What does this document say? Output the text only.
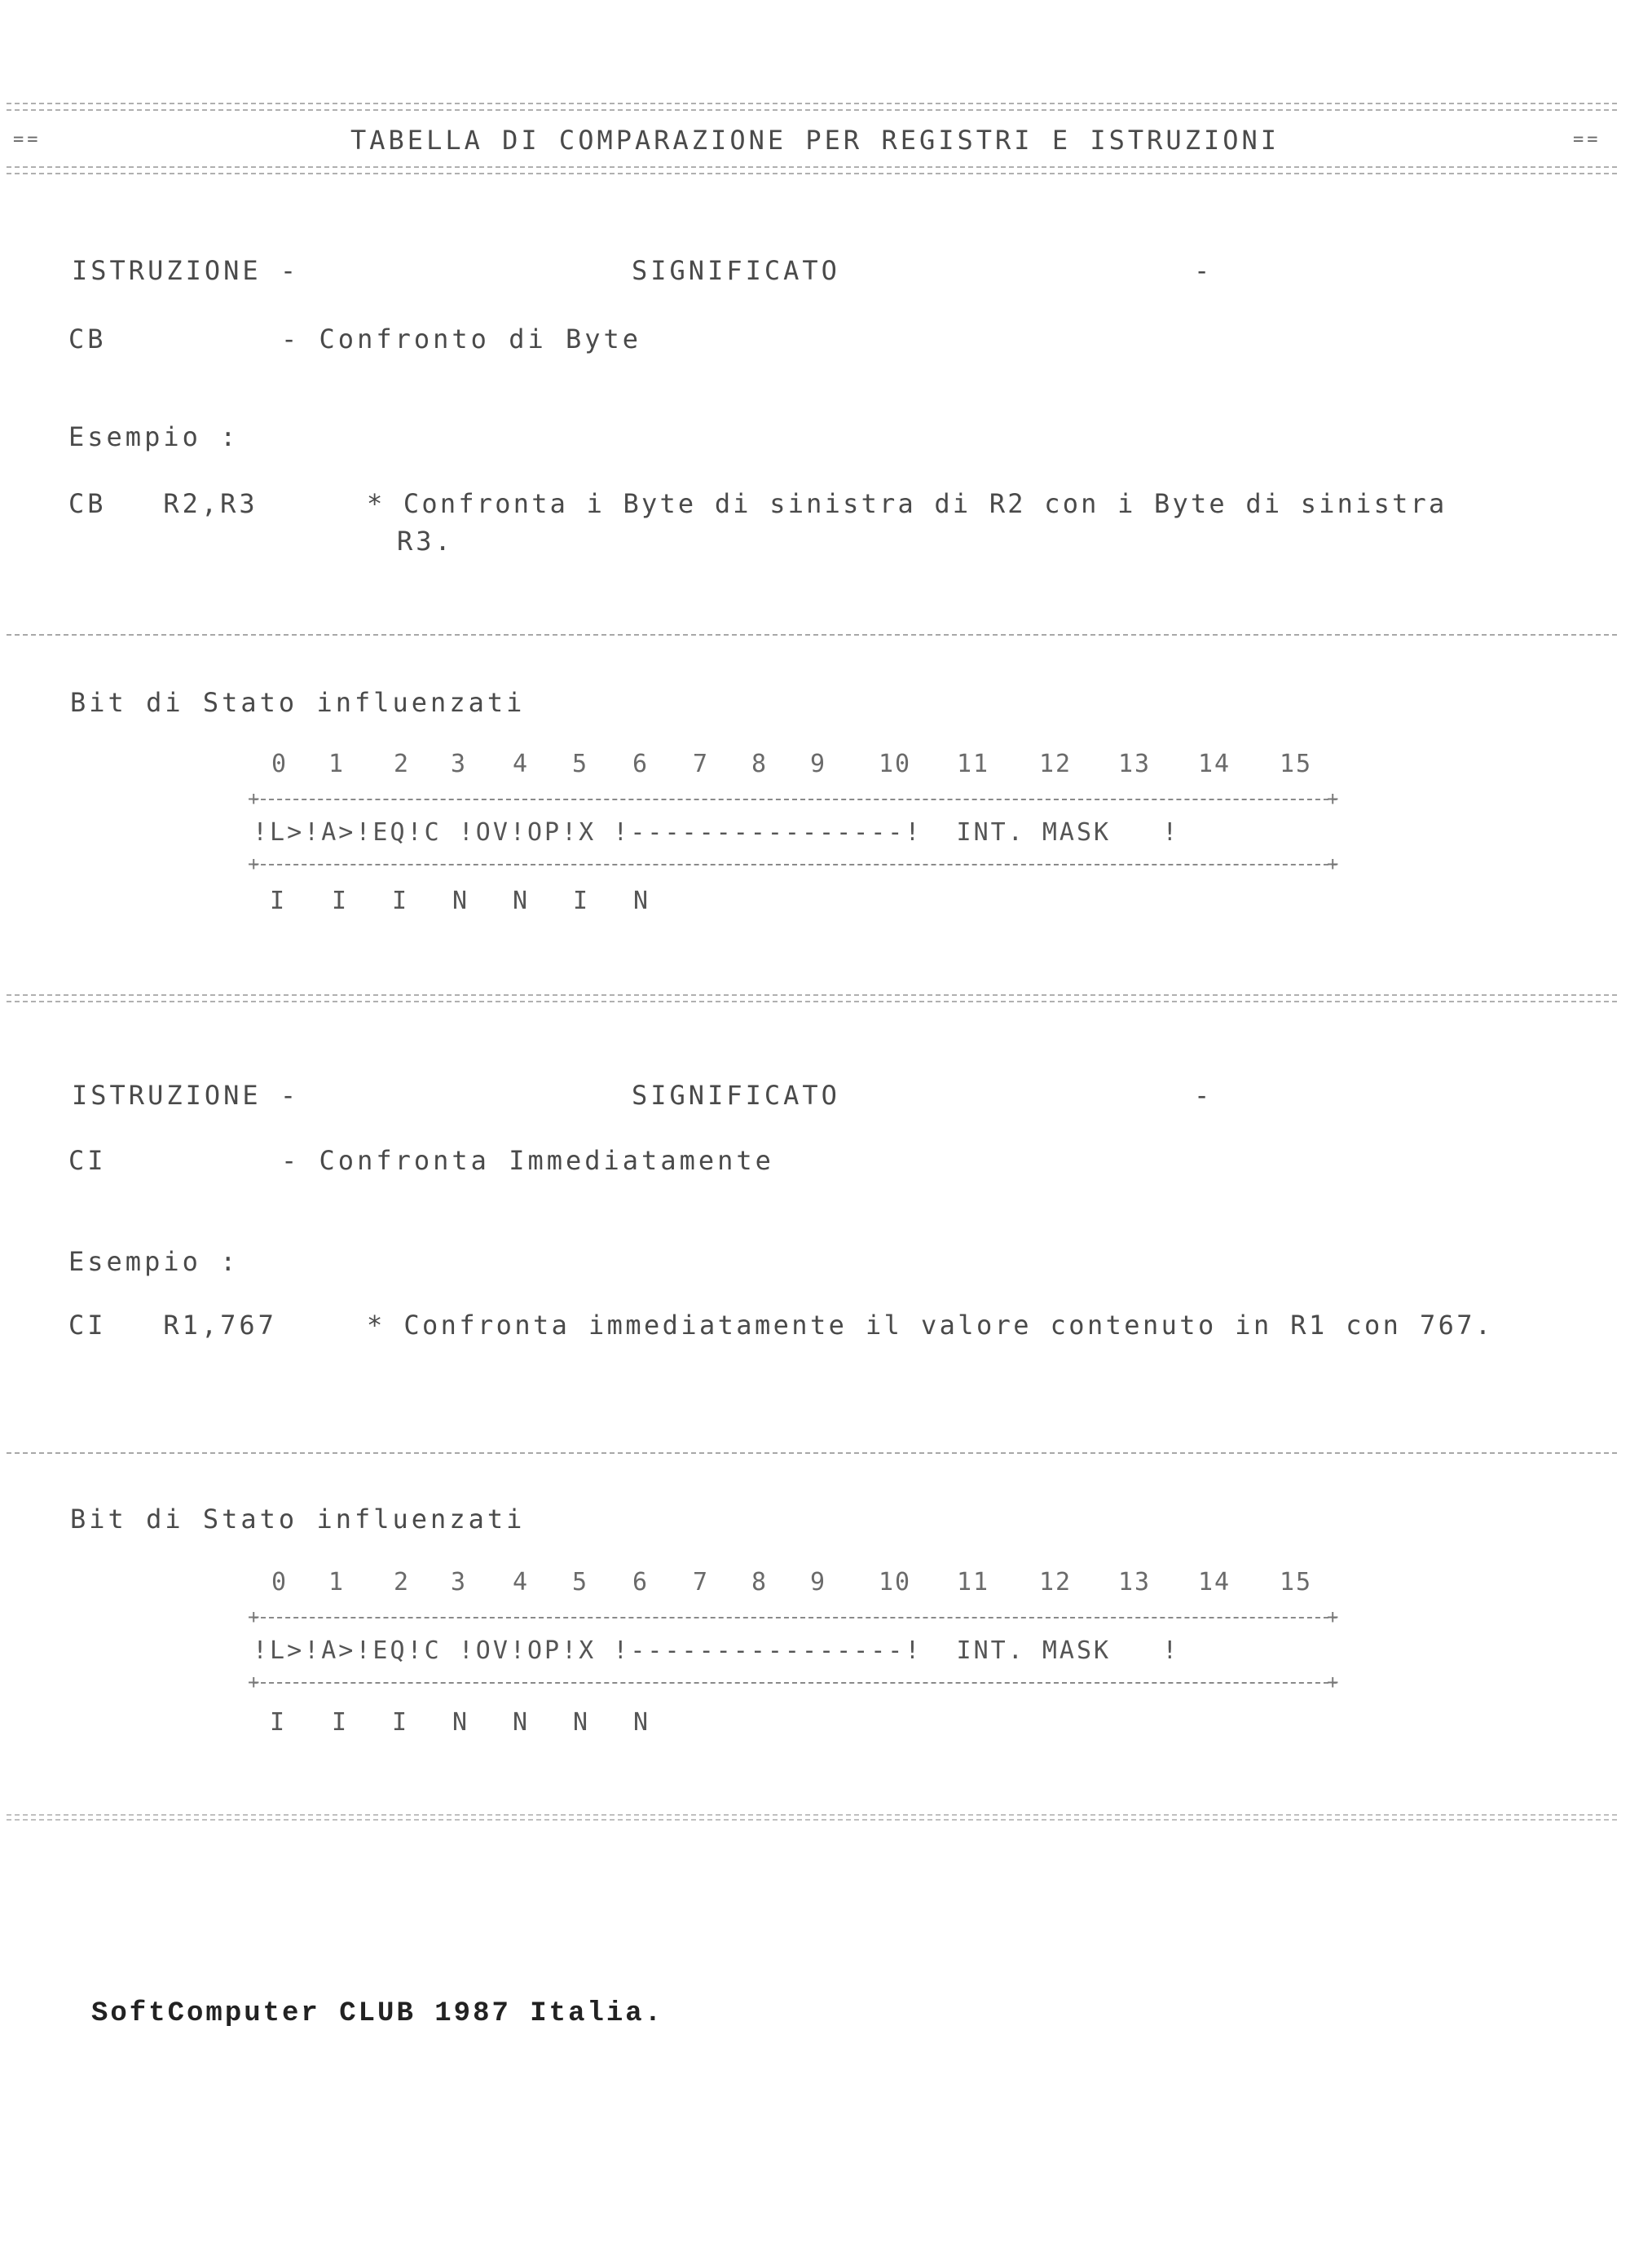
==	TABELLA DI COMPARAZIONE PER REGISTRI E ISTRUZIONI	==
ISTRUZIONE -	SIGNIFICATO	-
CB	- Confronto di Byte
Esempio :
CB   R2,R3	* Confronta i Byte di sinistra di R2 con i Byte di sinistra
R3.
Bit di Stato influenzati
0 1 2 3 4 5 6 7 8 9 10 11 12 13 14 15
+	+
!L>!A>!EQ!C !OV!OP!X !----------------!  INT. MASK   !
+	+
I I I N N I N
ISTRUZIONE -	SIGNIFICATO	-
CI	- Confronta Immediatamente
Esempio :
CI   R1,767	* Confronta immediatamente il valore contenuto in R1 con 767.
Bit di Stato influenzati
0 1 2 3 4 5 6 7 8 9 10 11 12 13 14 15
+	+
!L>!A>!EQ!C !OV!OP!X !----------------!  INT. MASK   !
+	+
I I I N N N N
SoftComputer CLUB 1987 Italia.
